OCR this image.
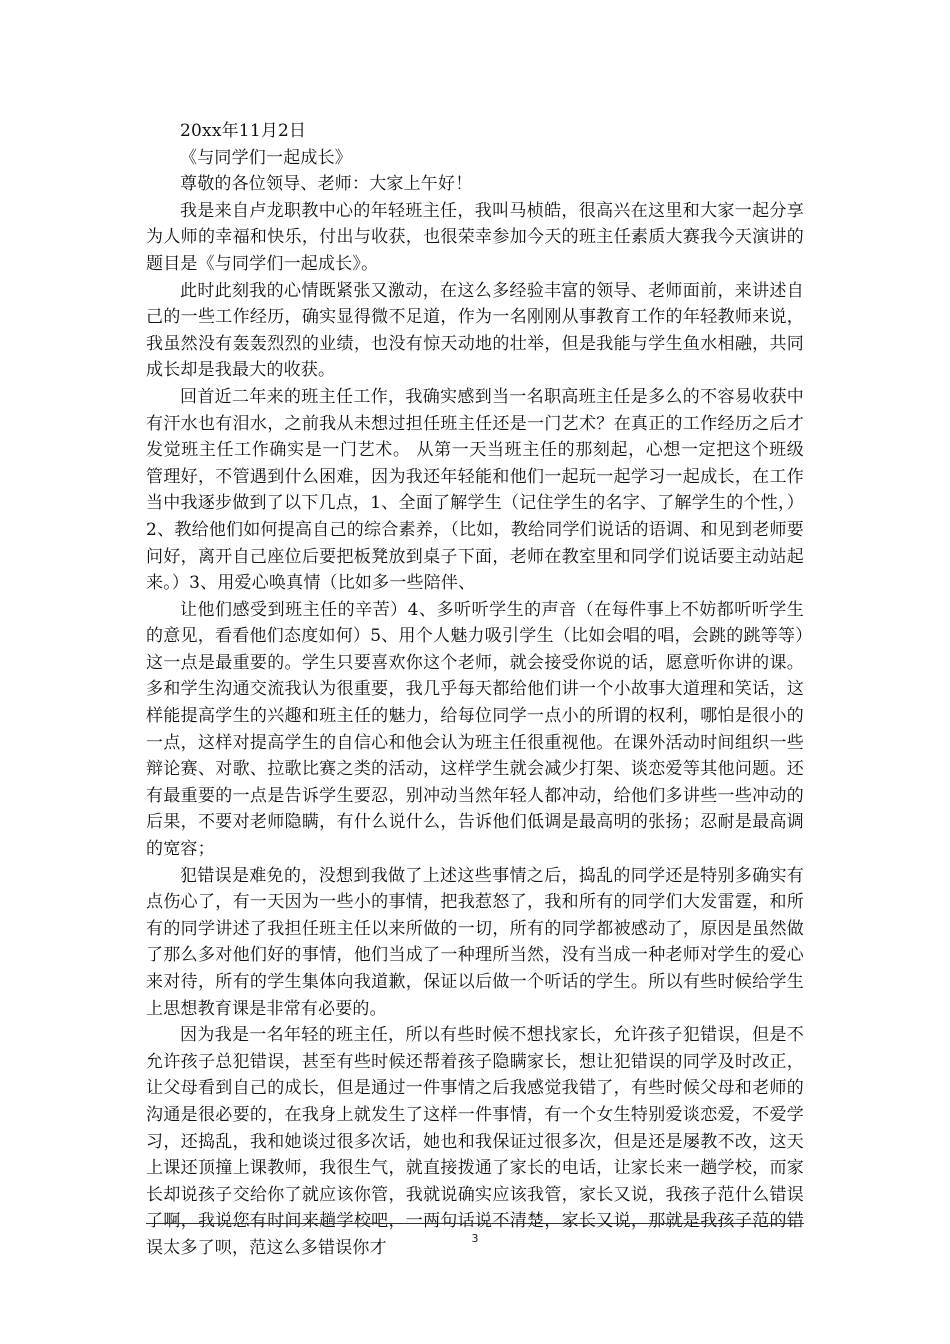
20xx年11月2日

《与同学们一起成长》

尊敬的各位领导、老师：大家上午好！

我是来自卢龙职教中心的年轻班主任，我叫马桢皓，很高兴在这里和大家一起分享为人师的幸福和快乐，付出与收获，也很荣幸参加今天的班主任素质大赛我今天演讲的题目是《与同学们一起成长》。

此时此刻我的心情既紧张又激动，在这么多经验丰富的领导、老师面前，来讲述自己的一些工作经历，确实显得微不足道，作为一名刚刚从事教育工作的年轻教师来说，我虽然没有轰轰烈烈的业绩，也没有惊天动地的壮举，但是我能与学生鱼水相融，共同成长却是我最大的收获。

回首近二年来的班主任工作，我确实感到当一名职高班主任是多么的不容易收获中有汗水也有泪水，之前我从未想过担任班主任还是一门艺术？在真正的工作经历之后才发觉班主任工作确实是一门艺术。 从第一天当班主任的那刻起，心想一定把这个班级管理好，不管遇到什么困难，因为我还年轻能和他们一起玩一起学习一起成长，在工作当中我逐步做到了以下几点，1、全面了解学生（记住学生的名字、了解学生的个性，）2、教给他们如何提高自己的综合素养，（比如，教给同学们说话的语调、和见到老师要问好，离开自己座位后要把板凳放到桌子下面，老师在教室里和同学们说话要主动站起来。）3、用爱心唤真情（比如多一些陪伴、

让他们感受到班主任的辛苦）4、多听听学生的声音（在每件事上不妨都听听学生的意见，看看他们态度如何）5、用个人魅力吸引学生（比如会唱的唱，会跳的跳等等）这一点是最重要的。学生只要喜欢你这个老师，就会接受你说的话，愿意听你讲的课。多和学生沟通交流我认为很重要，我几乎每天都给他们讲一个小故事大道理和笑话，这样能提高学生的兴趣和班主任的魅力，给每位同学一点小的所谓的权利，哪怕是很小的一点，这样对提高学生的自信心和他会认为班主任很重视他。在课外活动时间组织一些辩论赛、对歌、拉歌比赛之类的活动，这样学生就会减少打架、谈恋爱等其他问题。还有最重要的一点是告诉学生要忍，别冲动当然年轻人都冲动，给他们多讲些一些冲动的后果，不要对老师隐瞒，有什么说什么，告诉他们低调是最高明的张扬；忍耐是最高调的宽容；

犯错误是难免的，没想到我做了上述这些事情之后，捣乱的同学还是特别多确实有点伤心了，有一天因为一些小的事情，把我惹怒了，我和所有的同学们大发雷霆，和所有的同学讲述了我担任班主任以来所做的一切，所有的同学都被感动了，原因是虽然做了那么多对他们好的事情，他们当成了一种理所当然，没有当成一种老师对学生的爱心来对待，所有的学生集体向我道歉，保证以后做一个听话的学生。所以有些时候给学生上思想教育课是非常有必要的。

因为我是一名年轻的班主任，所以有些时候不想找家长，允许孩子犯错误，但是不允许孩子总犯错误，甚至有些时候还帮着孩子隐瞒家长，想让犯错误的同学及时改正，让父母看到自己的成长，但是通过一件事情之后我感觉我错了，有些时候父母和老师的沟通是很必要的，在我身上就发生了这样一件事情，有一个女生特别爱谈恋爱，不爱学习，还捣乱，我和她谈过很多次话，她也和我保证过很多次，但是还是屡教不改，这天上课还顶撞上课教师，我很生气，就直接拨通了家长的电话，让家长来一趟学校，而家长却说孩子交给你了就应该你管，我就说确实应该我管，家长又说，我孩子范什么错误了啊，我说您有时间来趟学校吧，一两句话说不清楚，家长又说，那就是我孩子范的错误太多了呗，范这么多错误你才	3
